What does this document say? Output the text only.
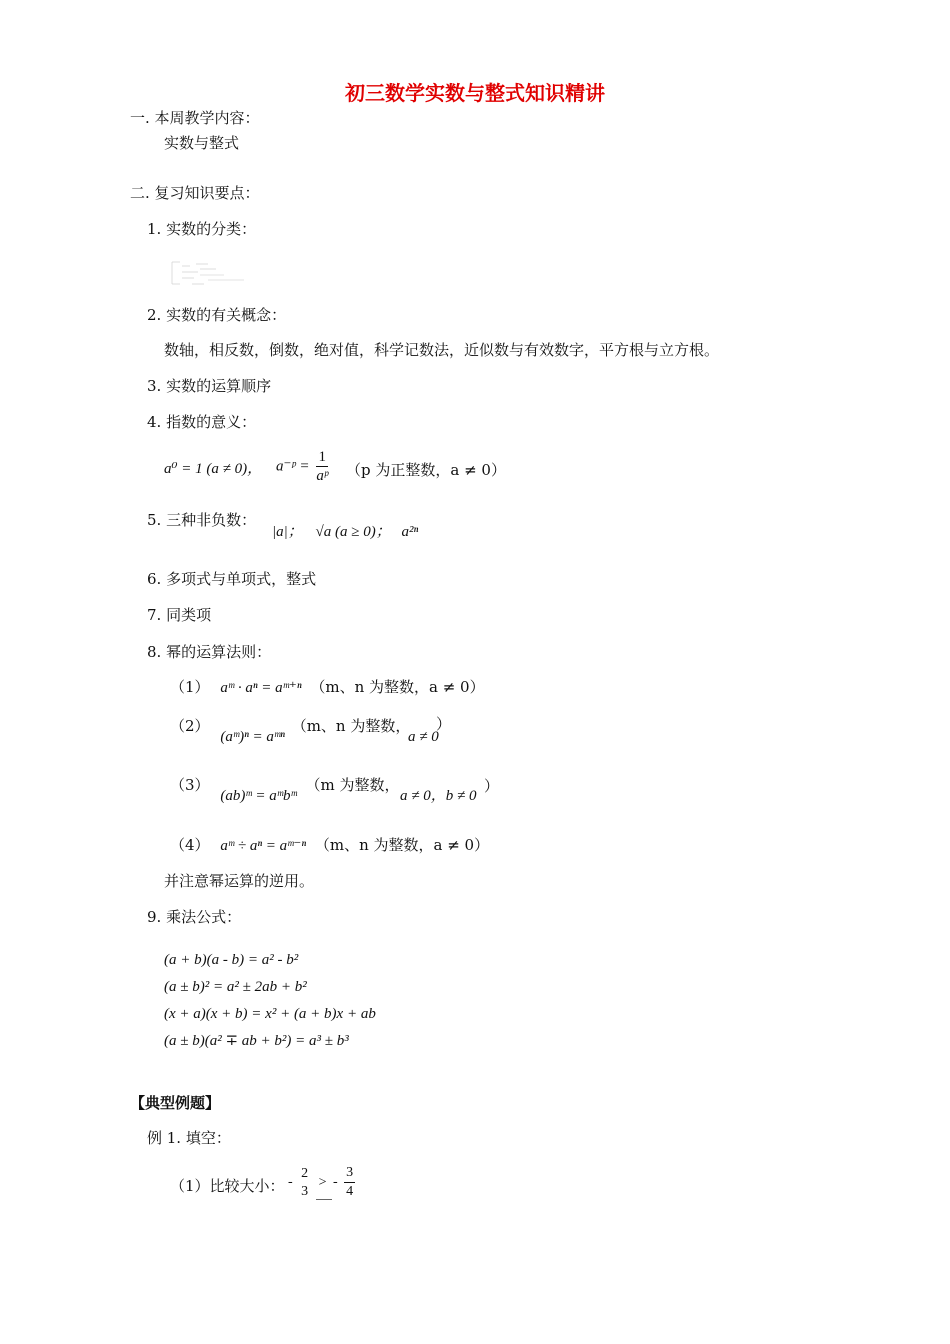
初三数学实数与整式知识精讲
一. 本周教学内容：
实数与整式
二. 复习知识要点：
1. 实数的分类：
2. 实数的有关概念：
数轴，相反数，倒数，绝对值，科学记数法，近似数与有效数字，平方根与立方根。
3. 实数的运算顺序
4. 指数的意义：
a⁰ = 1 (a ≠ 0)， a⁻ᵖ = $\frac{1}{\text{aᵖ}} (p$ 为正整数，a ≠ 0）
5. 三种非负数：
|a|； √a (a ≥ 0)； a²ⁿ
6. 多项式与单项式，整式
7. 同类项
8. 幂的运算法则：
（1） aᵐ · aⁿ = aᵐ⁺ⁿ （m、n 为整数，a ≠ 0）
（2） (aᵐ)ⁿ = aᵐⁿ （m、n 为整数，
a ≠ 0
）
（3） (ab)ᵐ = aᵐbᵐ （m 为整数，
a ≠ 0，b ≠ 0
）
（4） aᵐ ÷ aⁿ = aᵐ⁻ⁿ （m、n 为整数，a ≠ 0）
并注意幂运算的逆用。
9. 乘法公式：
(a + b)(a - b) = a² - b²
(a ± b)² = a² ± 2ab + b²
(x + a)(x + b) = x² + (a + b)x + ab
(a ± b)(a² ∓ ab + b²) = a³ ± b³
【典型例题】
例 1. 填空：
（1）比较大小： -
2
3
> - $\frac{3}{4}$
